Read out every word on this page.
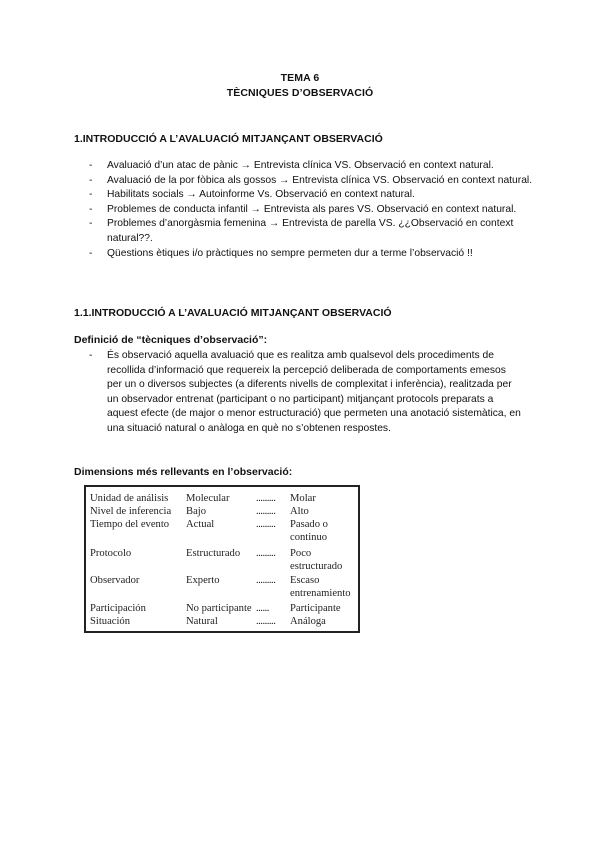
TEMA 6
TÈCNIQUES D’OBSERVACIÓ
1.INTRODUCCIÓ A L’AVALUACIÓ MITJANÇANT OBSERVACIÓ
- Avaluació d’un atac de pànic → Entrevista clínica VS. Observació en context natural.
- Avaluació de la por fòbica als gossos → Entrevista clínica VS. Observació en context natural.
- Habilitats socials → Autoinforme Vs. Observació en context natural.
- Problemes de conducta infantil → Entrevista als pares VS. Observació en context natural.
- Problemes d’anorgàsmia femenina → Entrevista de parella VS. ¿¿Observació en context natural??.
- Qüestions ètiques i/o pràctiques no sempre permeten dur a terme l’observació !!
1.1.INTRODUCCIÓ A L’AVALUACIÓ MITJANÇANT OBSERVACIÓ
Definició de “tècniques d’observació”:
-	És observació aquella avaluació que es realitza amb qualsevol dels procediments de recollida d’informació que requereix la percepció deliberada de comportaments emesos per un o diversos subjectes (a diferents nivells de complexitat i inferència), realitzada per un observador entrenat (participant o no participant) mitjançant protocols preparats a aquest efecte (de major o menor estructuració) que permeten una anotació sistemàtica, en una situació natural o anàloga en què no s’obtenen respostes.
Dimensions més rellevants en l’observació:
Unidad de análisis	Molecular	.........	Molar
Nivel de inferencia	Bajo	.........	Alto
Tiempo del evento	Actual	.........	Pasado o continuo
Protocolo	Estructurado	.........	Poco estructurado
Observador	Experto	.........	Escaso entrenamiento
Participación	No participante ......	Participante
Situación	Natural	.........	Análoga
